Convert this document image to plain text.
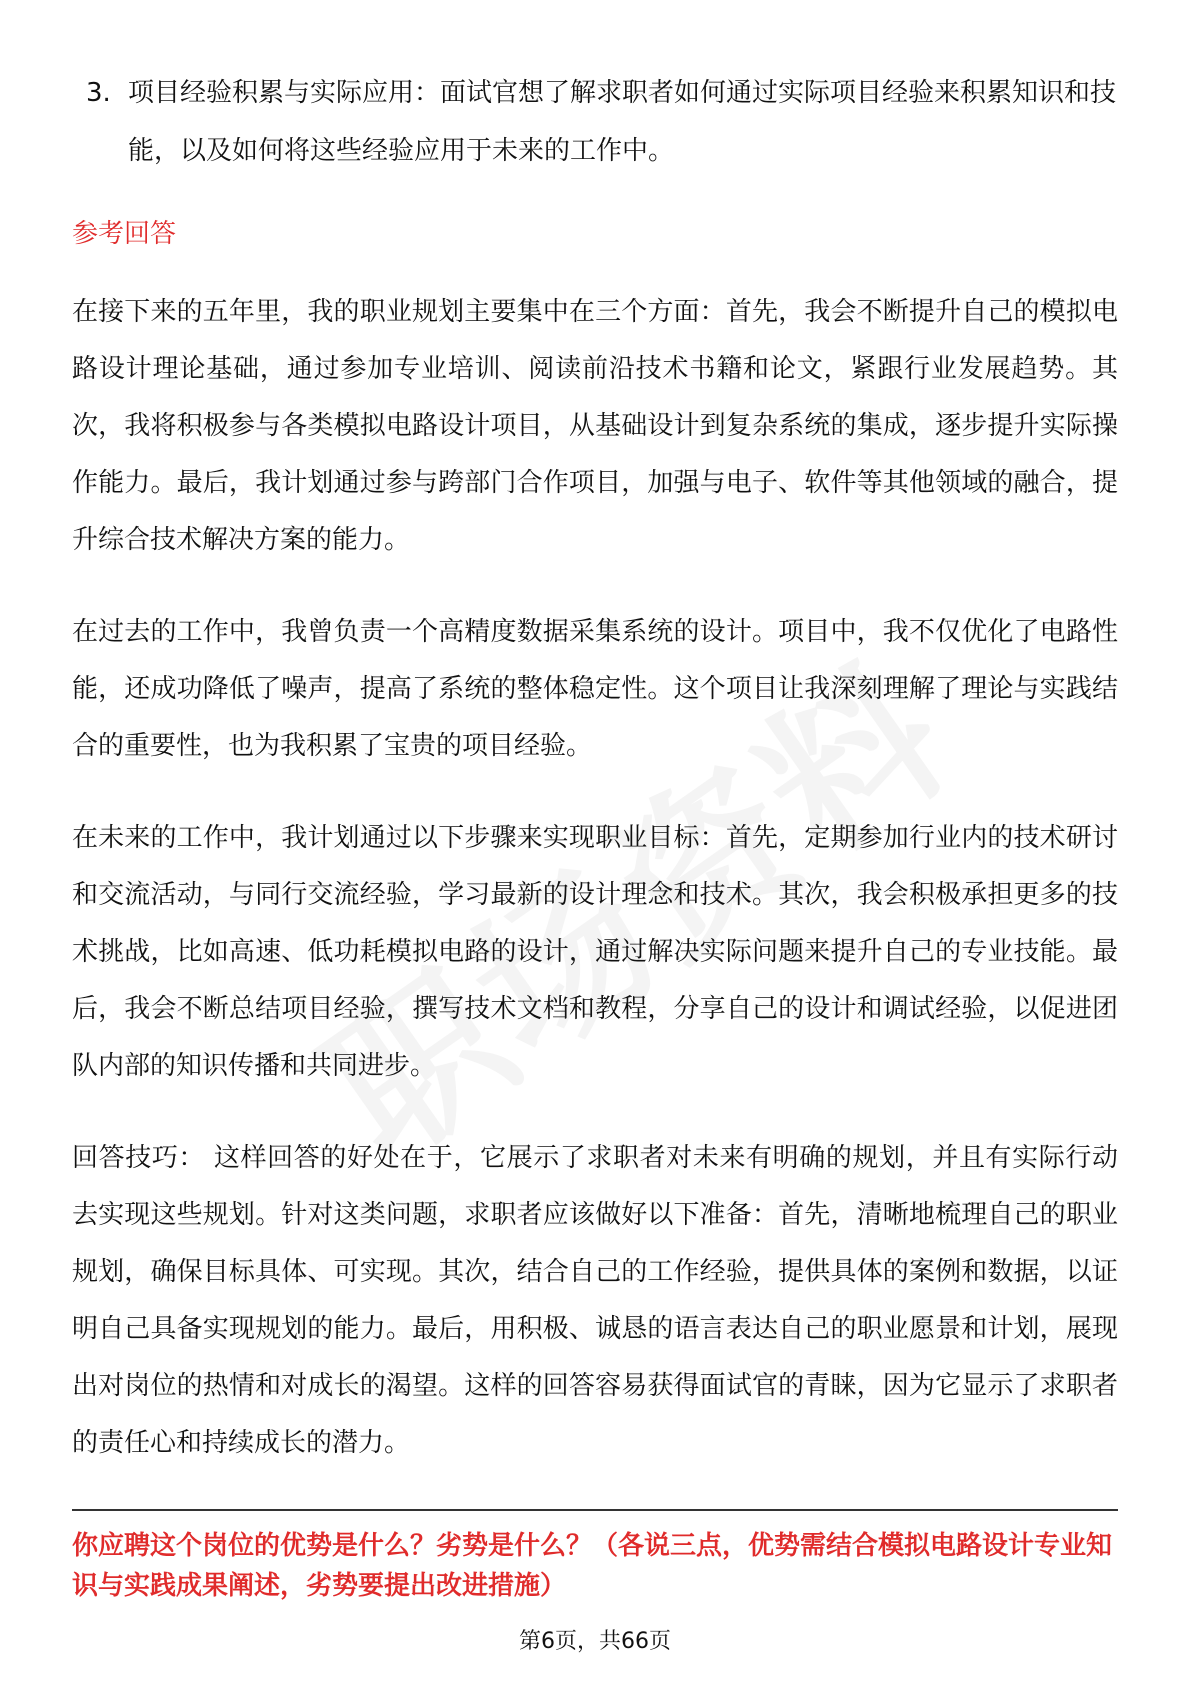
3. 项目经验积累与实际应用：面试官想了解求职者如何通过实际项目经验来积累知识和技能，以及如何将这些经验应用于未来的工作中。
参考回答

在接下来的五年里，我的职业规划主要集中在三个方面：首先，我会不断提升自己的模拟电路设计理论基础，通过参加专业培训、阅读前沿技术书籍和论文，紧跟行业发展趋势。其次，我将积极参与各类模拟电路设计项目，从基础设计到复杂系统的集成，逐步提升实际操作能力。最后，我计划通过参与跨部门合作项目，加强与电子、软件等其他领域的融合，提升综合技术解决方案的能力。

在过去的工作中，我曾负责一个高精度数据采集系统的设计。项目中，我不仅优化了电路性能，还成功降低了噪声，提高了系统的整体稳定性。这个项目让我深刻理解了理论与实践结合的重要性，也为我积累了宝贵的项目经验。

在未来的工作中，我计划通过以下步骤来实现职业目标：首先，定期参加行业内的技术研讨和交流活动，与同行交流经验，学习最新的设计理念和技术。其次，我会积极承担更多的技术挑战，比如高速、低功耗模拟电路的设计，通过解决实际问题来提升自己的专业技能。最后，我会不断总结项目经验，撰写技术文档和教程，分享自己的设计和调试经验，以促进团队内部的知识传播和共同进步。

回答技巧： 这样回答的好处在于，它展示了求职者对未来有明确的规划，并且有实际行动去实现这些规划。针对这类问题，求职者应该做好以下准备：首先，清晰地梳理自己的职业规划，确保目标具体、可实现。其次，结合自己的工作经验，提供具体的案例和数据，以证明自己具备实现规划的能力。最后，用积极、诚恳的语言表达自己的职业愿景和计划，展现出对岗位的热情和对成长的渴望。这样的回答容易获得面试官的青睐，因为它显示了求职者的责任心和持续成长的潜力。

你应聘这个岗位的优势是什么？劣势是什么？（各说三点，优势需结合模拟电路设计专业知识与实践成果阐述，劣势要提出改进措施）
第6页，共66页
